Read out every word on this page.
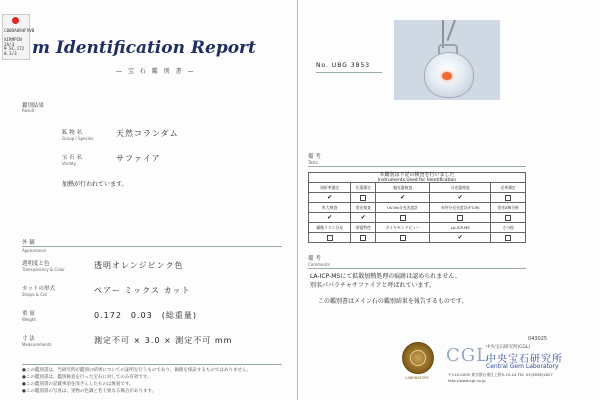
C00DA094FVVB
XIRMPIN 2A/3
¥ SC.172 0.3/3 m Identification Report
— 宝 石 鑑 別 書 —
鑑別結果
Result
鉱 物 名
Group / Species
天然コランダム
宝 石 名
Variety
サファイア
加熱が行われています。
外 観
Appearance
透明度と色
Transparency & Color	透明オレンジピンク色
カットの形式
Shape & Cut	ペアー ミックス カット
重 量
Weight	0.172　0.03　(総重量)
寸 法
Measurements	測定不可 × 3.0 × 測定不可 mm
●この鑑別書は、当研究所が鑑別の結果についての証明を行うものであり、価値を保証するものではありません。
●この鑑別書は、鑑別検査を行った宝石に対してのみ有効です。
●この鑑別書の記載事項を改ざんしたものは無効です。
●この鑑別書の写真は、実物の色調と若干異なる場合があります。
No. UBG 3853
備 考
Tests
本鑑別は下記の検査を行いました
Instruments Used for Identification
屈折率測定	比重測定	偏光器検査	分光器検査	光率測定
✔		✔	✔	
拡大検査	蛍光検査	UV-Vis分光光度計	赤外分光光度計(FT-IR)	蛍光X線分析
✔	✔			
顕微ラマン分光	帯電特性	ダイヤモンドビュー	LA-ICP-MS	その他
			✔	
備 考
Comments
LA-ICP-MSにて拡散加熱処理の痕跡は認められません。
別名パパラチャサファイアと呼ばれています。
この鑑別書はメイン石の鑑別結果を報告するものです。
043025
LABORATORY
CGL
中央宝石研究所(CGL)
中央宝石研究所
Central Gem Laboratory
〒110-0005 東京都台東区上野5-15-14 TEL 03(3836)1627
http://www.cgl.co.jp
